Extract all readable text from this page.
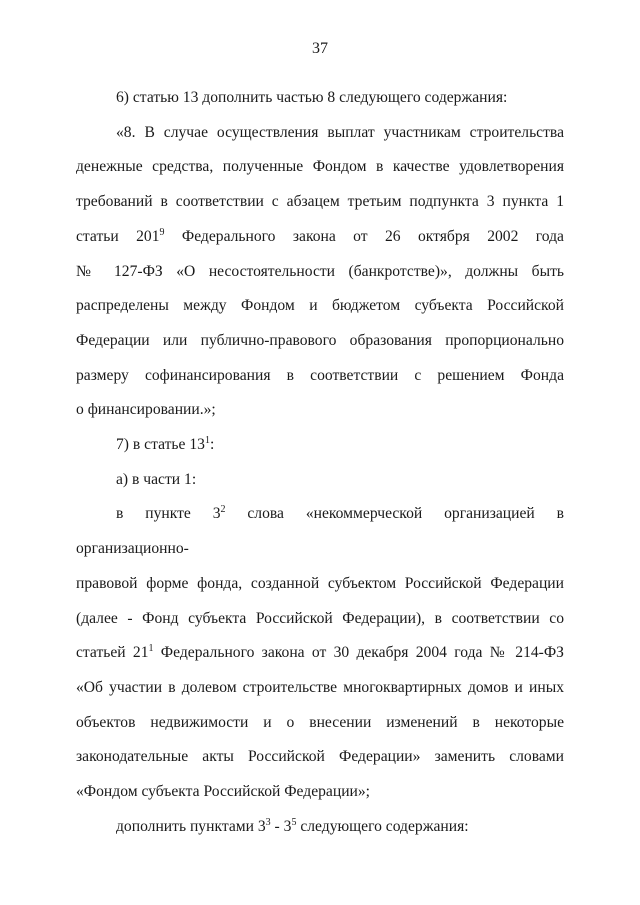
37

6) статью 13 дополнить частью 8 следующего содержания:

«8. В случае осуществления выплат участникам строительства

денежные средства, полученные Фондом в качестве удовлетворения

требований в соответствии с абзацем третьим подпункта 3 пункта 1

статьи $201^9$ Федерального закона от 26 октября 2002 года

№ 127-ФЗ «О несостоятельности (банкротстве)», должны быть

распределены между Фондом и бюджетом субъекта Российской

Федерации или публично-правового образования пропорционально

размеру софинансирования в соответствии с решением Фонда

о финансировании.»;

7) в статье $13^1$:

а) в части 1:

в пункте $3^2$ слова «некоммерческой организацией в организационно-

правовой форме фонда, созданной субъектом Российской Федерации

(далее - Фонд субъекта Российской Федерации), в соответствии со

статьей $21^1$ Федерального закона от 30 декабря 2004 года № 214-ФЗ

«Об участии в долевом строительстве многоквартирных домов и иных

объектов недвижимости и о внесении изменений в некоторые

законодательные акты Российской Федерации» заменить словами

«Фондом субъекта Российской Федерации»;

дополнить пунктами $3^3 - 3^5$ следующего содержания:
